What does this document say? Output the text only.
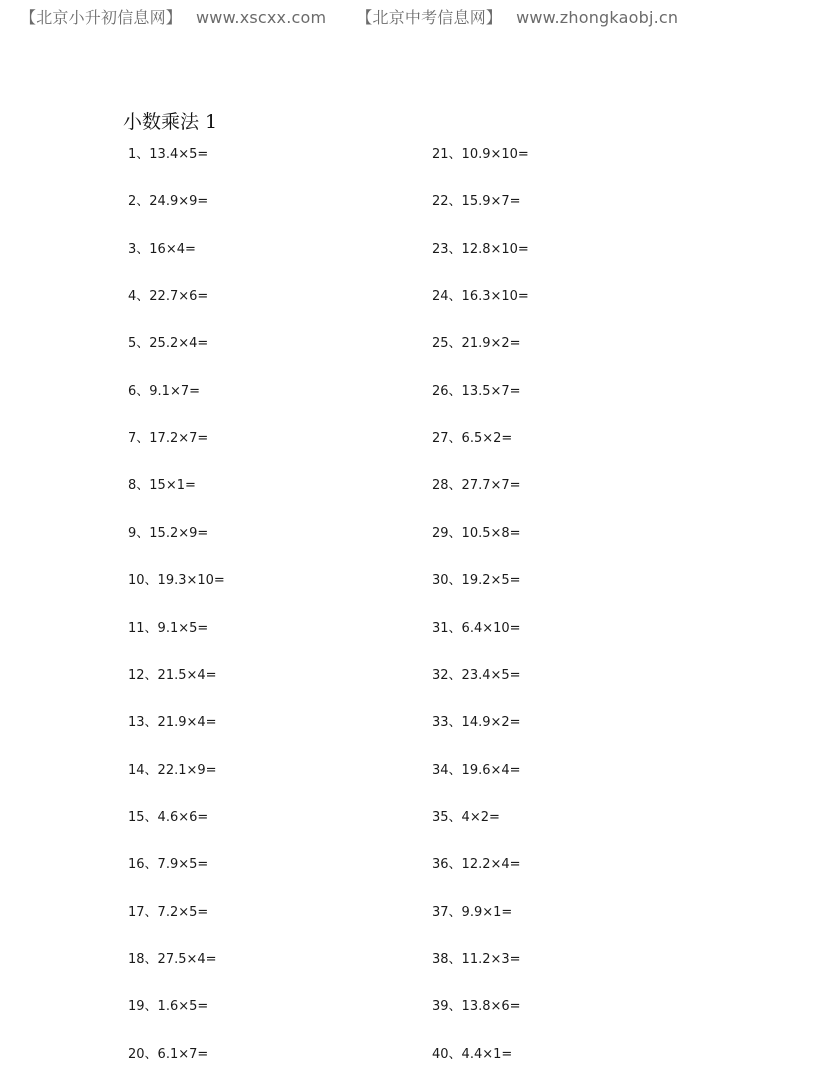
【北京小升初信息网】 www.xscxx.com 【北京中考信息网】 www.zhongkaobj.cn
小数乘法 1
1、13.4×5=
2、24.9×9=
3、16×4=
4、22.7×6=
5、25.2×4=
6、9.1×7=
7、17.2×7=
8、15×1=
9、15.2×9=
10、19.3×10=
11、9.1×5=
12、21.5×4=
13、21.9×4=
14、22.1×9=
15、4.6×6=
16、7.9×5=
17、7.2×5=
18、27.5×4=
19、1.6×5=
20、6.1×7=
21、10.9×10=
22、15.9×7=
23、12.8×10=
24、16.3×10=
25、21.9×2=
26、13.5×7=
27、6.5×2=
28、27.7×7=
29、10.5×8=
30、19.2×5=
31、6.4×10=
32、23.4×5=
33、14.9×2=
34、19.6×4=
35、4×2=
36、12.2×4=
37、9.9×1=
38、11.2×3=
39、13.8×6=
40、4.4×1=
